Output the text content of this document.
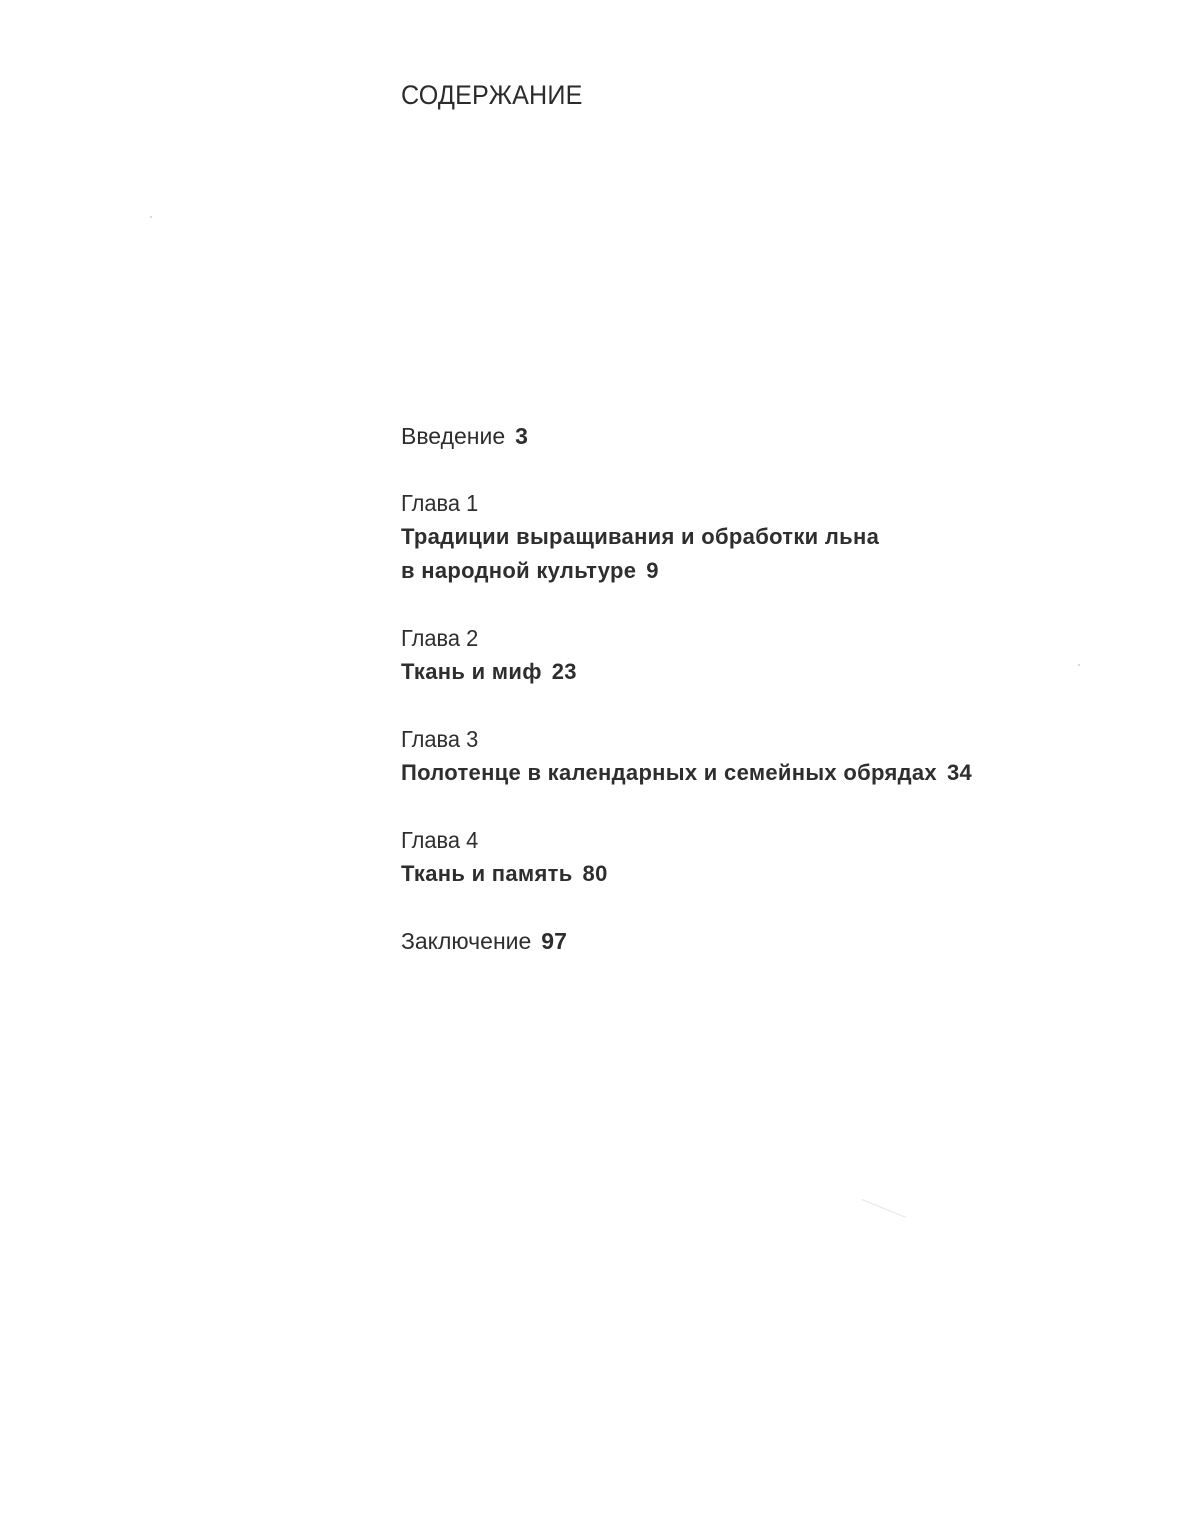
СОДЕРЖАНИЕ
Введение 3
Глава 1
Традиции выращивания и обработки льна
в народной культуре 9
Глава 2
Ткань и миф 23
Глава 3
Полотенце в календарных и семейных обрядах 34
Глава 4
Ткань и память 80
Заключение 97
